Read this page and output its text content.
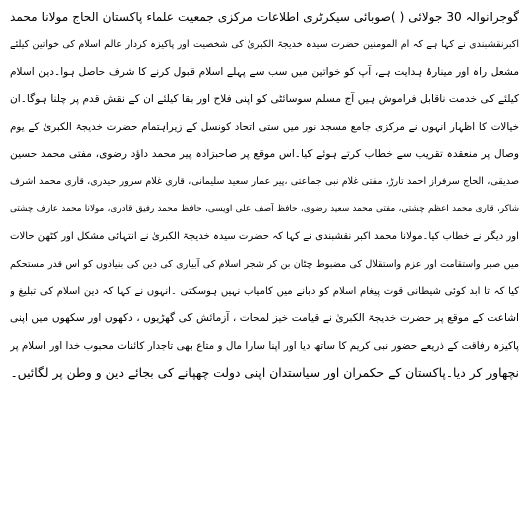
گوجرانوالہ 30 جولائی ( )صوبائی سیکرٹری اطلاعات مرکزی جمعیت علماء پاکستان الحاج مولانا محمد
اکبرنقشبندی نے کہا ہے کہ ام المومنین حضرت سیدہ خدیجۃ الکبریٰ کی شخصیت اور پاکیزہ کردار عالم اسلام کی خواتین کیلئے
مشعل راہ اور مینارۂ ہدایت ہے، آپ کو خواتین میں سب سے پہلے اسلام قبول کرنے کا شرف حاصل ہوا۔دین اسلام
کیلئے کی خدمت ناقابل فراموش ہیں آج مسلم سوسائٹی کو اپنی فلاح اور بقا کیلئے ان کے نقش قدم پر چلنا ہوگا۔ان
خیالات کا اظہار انہوں نے مرکزی جامع مسجد نور میں ستی اتحاد کونسل کے زیراہتمام حضرت خدیجۃ الکبریٰ کے یوم
وصال پر منعقدہ تقریب سے خطاب کرتے ہوئے کیا۔اس موقع پر صاحبزادہ پیر محمد داؤد رضوی، مفتی محمد حسین
صدیقی، الحاج سرفراز احمد تارڑ، مفتی غلام نبی جماعتی ،پیر عمار سعید سلیمانی، قاری غلام سرور حیدری، قاری محمد اشرف
شاکر، قاری محمد اعظم چشتی، مفتی محمد سعید رضوی، حافظ آصف علی اویسی، حافظ محمد رفیق قادری، مولانا محمد عارف چشتی
اور دیگر نے خطاب کیا۔مولانا محمد اکبر نقشبندی نے کہا کہ حضرت سیدہ خدیجۃ الکبریٰ نے انتہائی مشکل اور کٹھن حالات
میں صبر واستقامت اور عزم واستقلال کی مضبوط چٹان بن کر شجر اسلام کی آبیاری کی دین کی بنیادوں کو اس قدر مستحکم
کیا کہ تا ابد کوئی شیطانی قوت پیغام اسلام کو دبانے میں کامیاب نہیں ہوسکتی ۔انہوں نے کہا کہ دین اسلام کی تبلیغ و
اشاعت کے موقع پر حضرت خدیجۃ الکبریٰ نے قیامت خیز لمحات ، آزمائش کی گھڑیوں ، دکھوں اور سکھوں میں اپنی
پاکیزہ رفاقت کے ذریعے حضور نبی کریم کا ساتھ دیا اور اپنا سارا مال و متاع بھی تاجدار کائنات محبوب خدا اور اسلام پر
نچھاور کر دیا۔پاکستان کے حکمران اور سیاستدان اپنی دولت چھپانے کی بجائے دین و وطن پر لگائیں۔
